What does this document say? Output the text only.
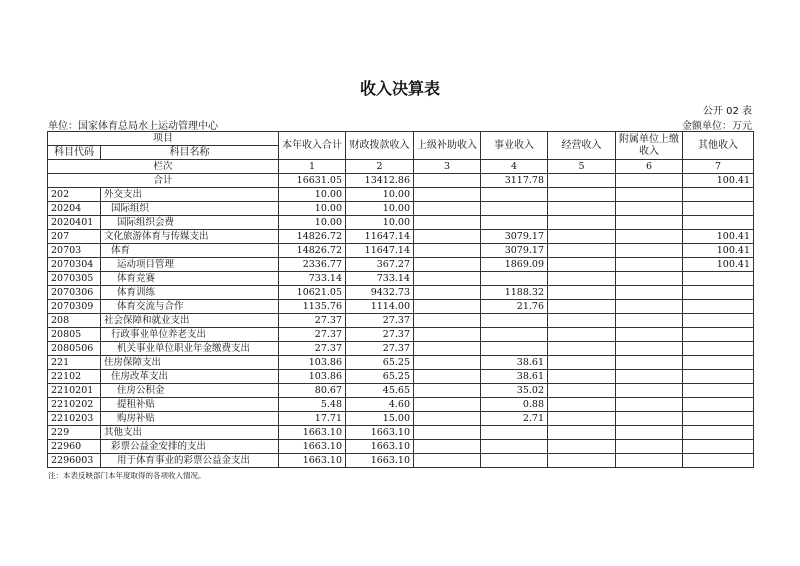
收入决算表
公开 02 表
单位：国家体育总局水上运动管理中心	金额单位：万元
项目		本年收入合计	财政拨款收入	上级补助收入	事业收入	经营收入	附属单位上缴收入	其他收入
科目代码	科目名称							
栏次		1	2	3	4	5	6	7
合计		16631.05	13412.86		3117.78			100.41
202	外交支出	10.00	10.00					
20204	国际组织	10.00	10.00					
2020401	国际组织会费	10.00	10.00					
207	文化旅游体育与传媒支出	14826.72	11647.14		3079.17			100.41
20703	体育	14826.72	11647.14		3079.17			100.41
2070304	运动项目管理	2336.77	367.27		1869.09			100.41
2070305	体育竞赛	733.14	733.14					
2070306	体育训练	10621.05	9432.73		1188.32			
2070309	体育交流与合作	1135.76	1114.00		21.76			
208	社会保障和就业支出	27.37	27.37					
20805	行政事业单位养老支出	27.37	27.37					
2080506	机关事业单位职业年金缴费支出	27.37	27.37					
221	住房保障支出	103.86	65.25		38.61			
22102	住房改革支出	103.86	65.25		38.61			
2210201	住房公积金	80.67	45.65		35.02			
2210202	提租补贴	5.48	4.60		0.88			
2210203	购房补贴	17.71	15.00		2.71			
229	其他支出	1663.10	1663.10					
22960	彩票公益金安排的支出	1663.10	1663.10					
2296003	用于体育事业的彩票公益金支出	1663.10	1663.10					
注：本表反映部门本年度取得的各项收入情况。
